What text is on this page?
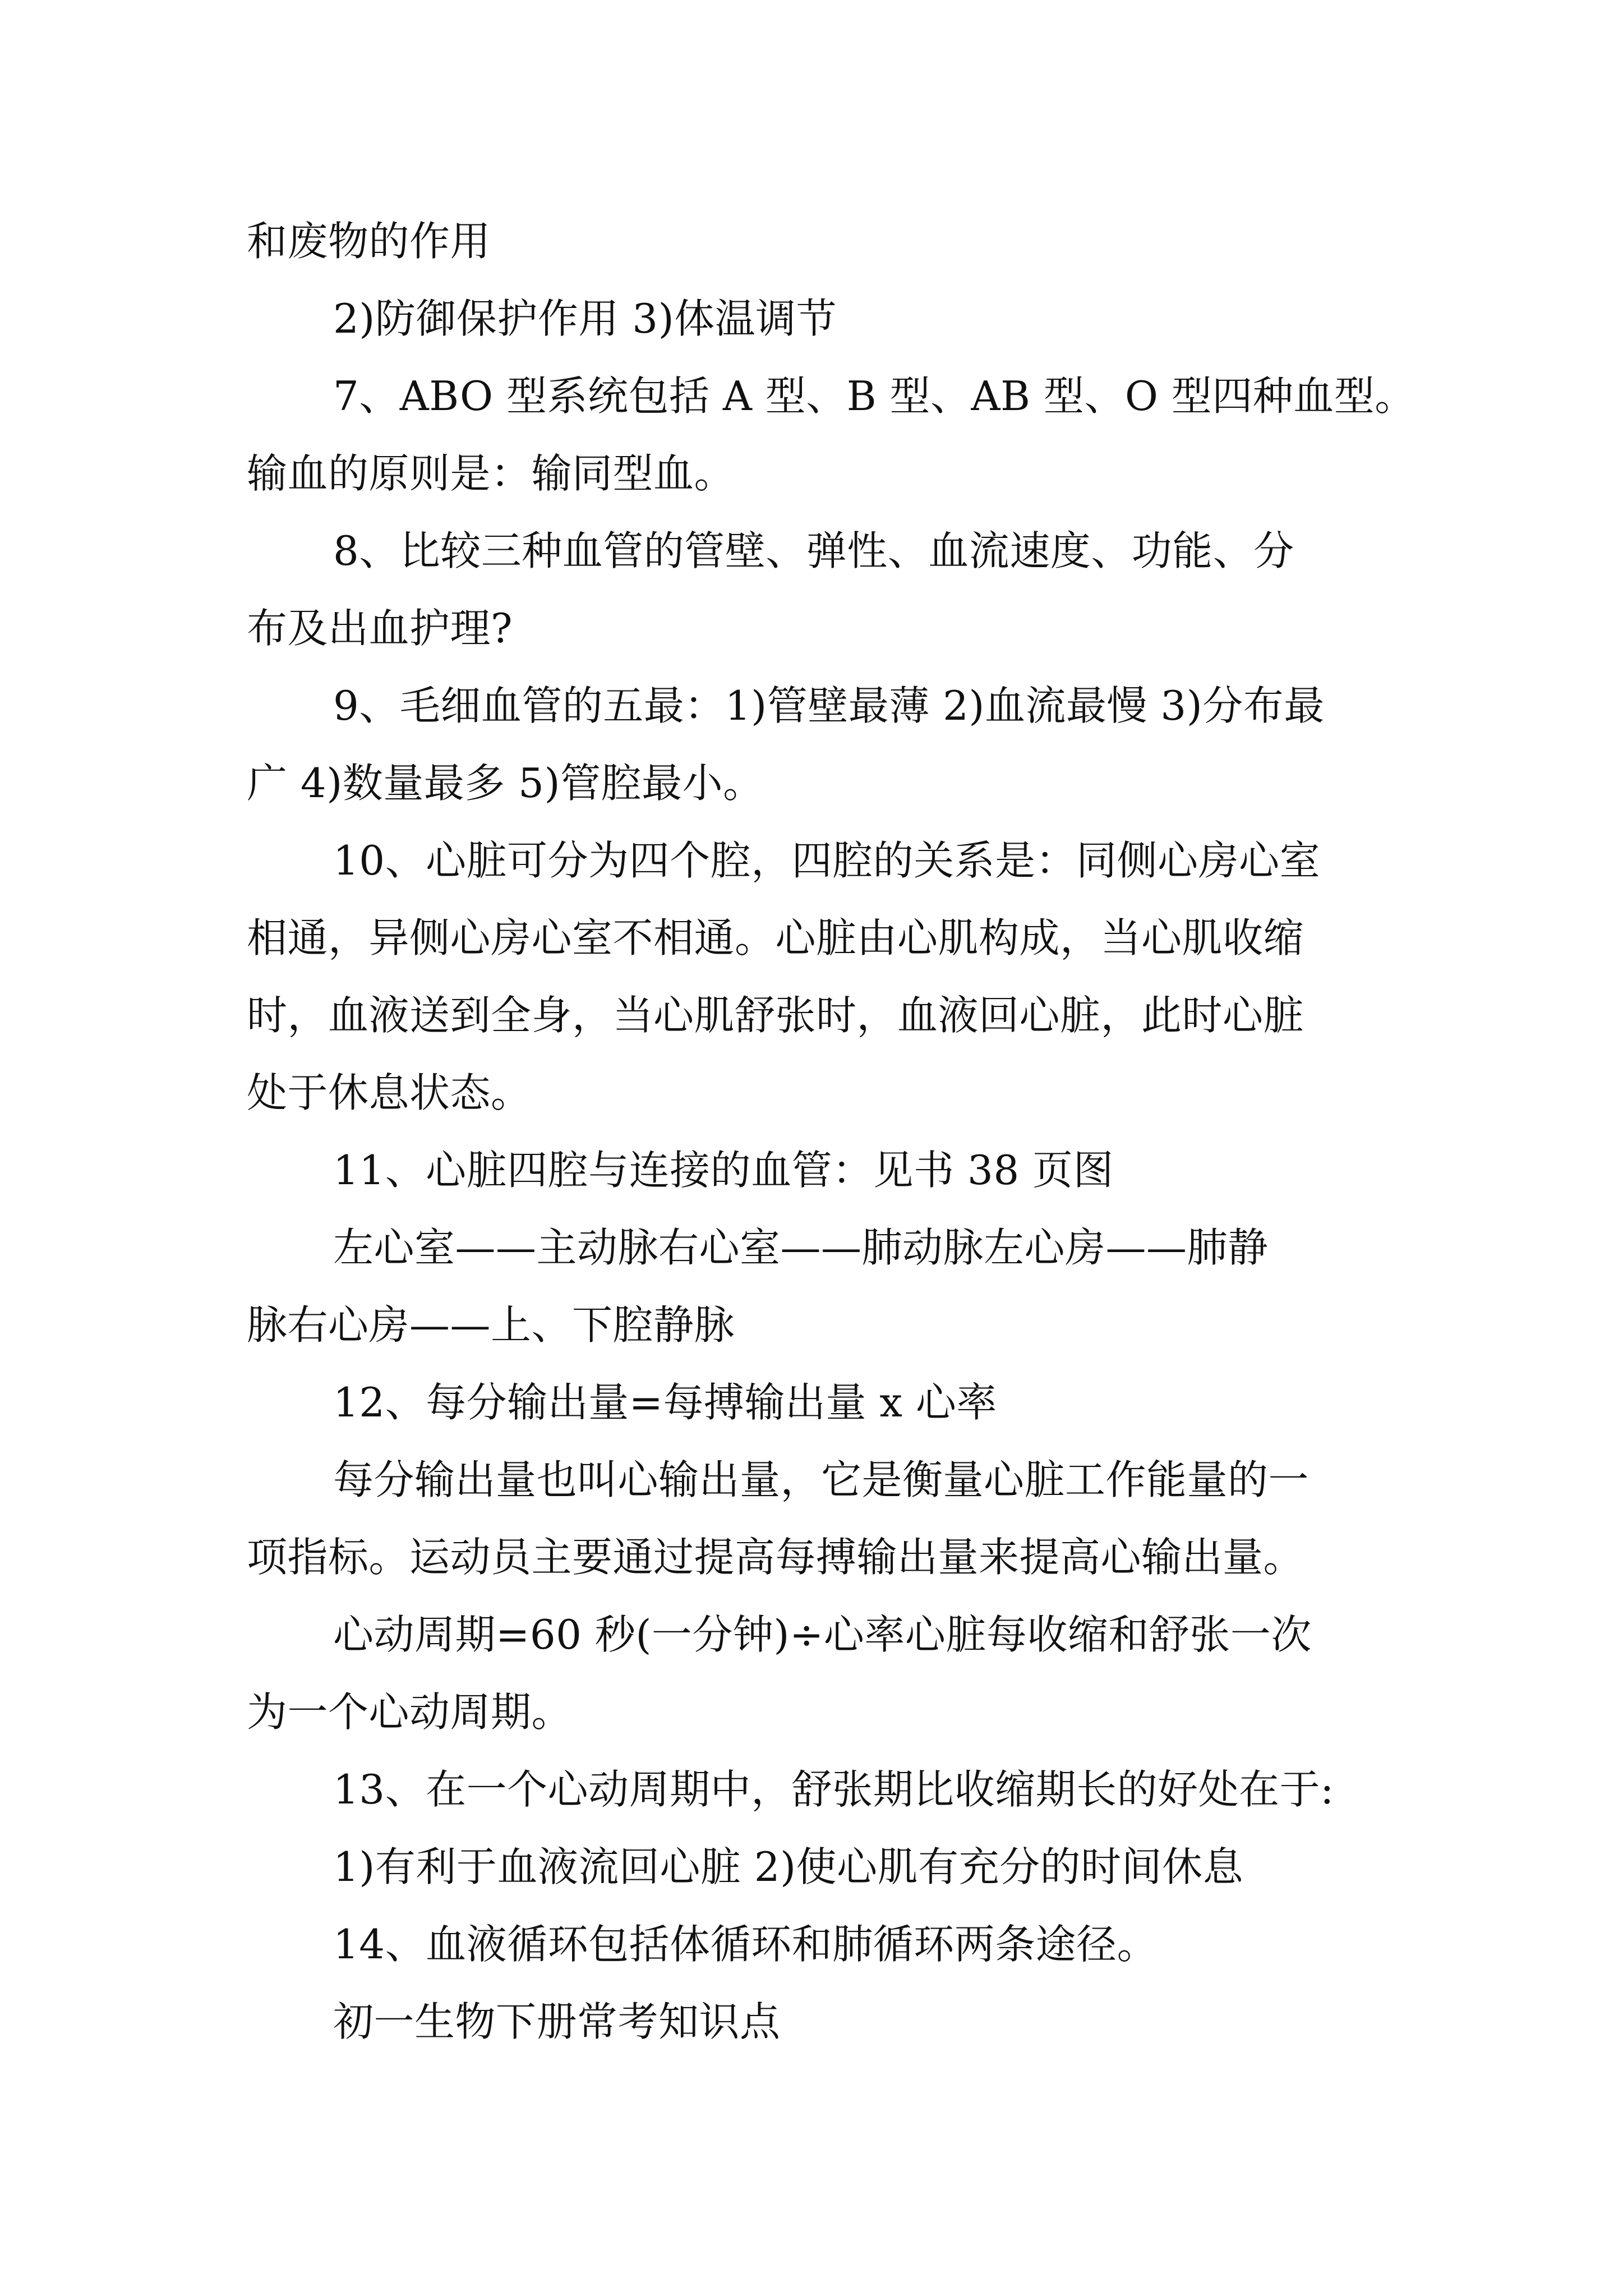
和废物的作用
2)防御保护作用 3)体温调节
7、ABO 型系统包括 A 型、B 型、AB 型、O 型四种血型。
输血的原则是：输同型血。
8、比较三种血管的管壁、弹性、血流速度、功能、分
布及出血护理?
9、毛细血管的五最：1)管壁最薄 2)血流最慢 3)分布最
广 4)数量最多 5)管腔最小。
10、心脏可分为四个腔，四腔的关系是：同侧心房心室
相通，异侧心房心室不相通。心脏由心肌构成，当心肌收缩
时，血液送到全身，当心肌舒张时，血液回心脏，此时心脏
处于休息状态。
11、心脏四腔与连接的血管：见书 38 页图
左心室——主动脉右心室——肺动脉左心房——肺静
脉右心房——上、下腔静脉
12、每分输出量=每搏输出量 x 心率
每分输出量也叫心输出量，它是衡量心脏工作能量的一
项指标。运动员主要通过提高每搏输出量来提高心输出量。
心动周期=60 秒(一分钟)÷心率心脏每收缩和舒张一次
为一个心动周期。
13、在一个心动周期中，舒张期比收缩期长的好处在于:
1)有利于血液流回心脏 2)使心肌有充分的时间休息
14、血液循环包括体循环和肺循环两条途径。
初一生物下册常考知识点
